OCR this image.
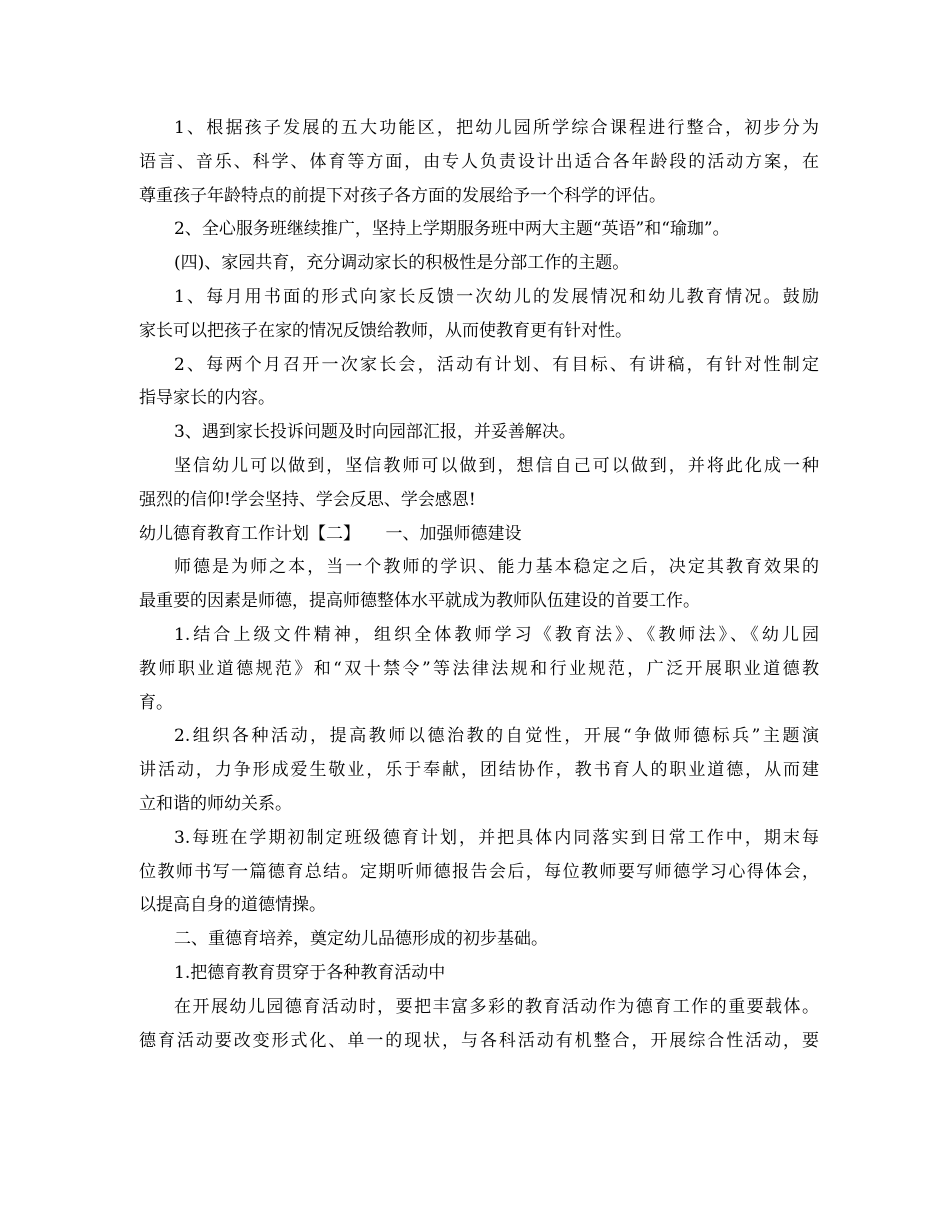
1、根据孩子发展的五大功能区，把幼儿园所学综合课程进行整合，初步分为
语言、音乐、科学、体育等方面，由专人负责设计出适合各年龄段的活动方案，在
尊重孩子年龄特点的前提下对孩子各方面的发展给予一个科学的评估。
2、全心服务班继续推广，坚持上学期服务班中两大主题“英语”和“瑜珈”。
(四)、家园共育，充分调动家长的积极性是分部工作的主题。
1、每月用书面的形式向家长反馈一次幼儿的发展情况和幼儿教育情况。鼓励
家长可以把孩子在家的情况反馈给教师，从而使教育更有针对性。
2、每两个月召开一次家长会，活动有计划、有目标、有讲稿，有针对性制定
指导家长的内容。
3、遇到家长投诉问题及时向园部汇报，并妥善解决。
坚信幼儿可以做到，坚信教师可以做到，想信自己可以做到，并将此化成一种
强烈的信仰!学会坚持、学会反思、学会感恩!
幼儿德育教育工作计划【二】　　一、加强师德建设
师德是为师之本，当一个教师的学识、能力基本稳定之后，决定其教育效果的
最重要的因素是师德，提高师德整体水平就成为教师队伍建设的首要工作。
1.结合上级文件精神，组织全体教师学习《教育法》、《教师法》、《幼儿园
教师职业道德规范》和“双十禁令”等法律法规和行业规范，广泛开展职业道德教
育。
2.组织各种活动，提高教师以德治教的自觉性，开展“争做师德标兵”主题演
讲活动，力争形成爱生敬业，乐于奉献，团结协作，教书育人的职业道德，从而建
立和谐的师幼关系。
3.每班在学期初制定班级德育计划，并把具体内同落实到日常工作中，期末每
位教师书写一篇德育总结。定期听师德报告会后，每位教师要写师德学习心得体会，
以提高自身的道德情操。
二、重德育培养，奠定幼儿品德形成的初步基础。
1.把德育教育贯穿于各种教育活动中
在开展幼儿园德育活动时，要把丰富多彩的教育活动作为德育工作的重要载体。
德育活动要改变形式化、单一的现状，与各科活动有机整合，开展综合性活动，要
